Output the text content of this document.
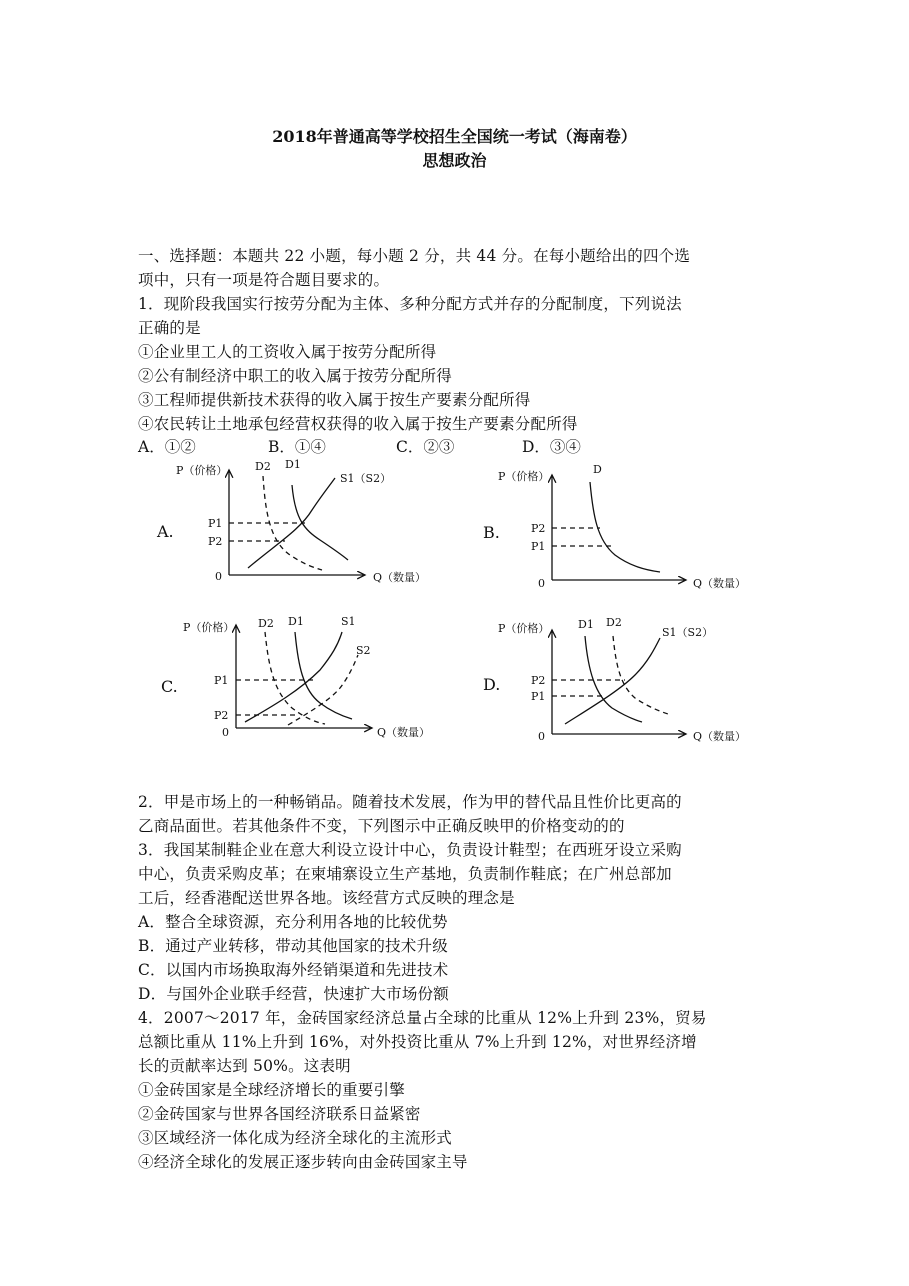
2018年普通高等学校招生全国统一考试（海南卷）
思想政治
一、选择题：本题共 22 小题，每小题 2 分，共 44 分。在每小题给出的四个选
项中，只有一项是符合题目要求的。
1．现阶段我国实行按劳分配为主体、多种分配方式并存的分配制度，下列说法
正确的是
①企业里工人的工资收入属于按劳分配所得
②公有制经济中职工的收入属于按劳分配所得
③工程师提供新技术获得的收入属于按生产要素分配所得
④农民转让土地承包经营权获得的收入属于按生产要素分配所得
A．①②	B．①④	C．②③	D．③④
P（价格）
Q（数量）
0
A.
D2 D1
S1（S2）
P1
P2
P（价格）
Q（数量）
0
B.
D
P2
P1
P（价格）
Q（数量）
0
C.
D2 D1	S1
S2
P1
P2
P（价格）
Q（数量）
0
D.
D1 D2
S1（S2）
P2
P1
2．甲是市场上的一种畅销品。随着技术发展，作为甲的替代品且性价比更高的
乙商品面世。若其他条件不变，下列图示中正确反映甲的价格变动的的
3．我国某制鞋企业在意大利设立设计中心，负责设计鞋型；在西班牙设立采购
中心，负责采购皮革；在柬埔寨设立生产基地，负责制作鞋底；在广州总部加
工后，经香港配送世界各地。该经营方式反映的理念是
A．整合全球资源，充分利用各地的比较优势
B．通过产业转移，带动其他国家的技术升级
C．以国内市场换取海外经销渠道和先进技术
D．与国外企业联手经营，快速扩大市场份额
4．2007～2017 年，金砖国家经济总量占全球的比重从 12%上升到 23%，贸易
总额比重从 11%上升到 16%，对外投资比重从 7%上升到 12%，对世界经济增
长的贡献率达到 50%。这表明
①金砖国家是全球经济增长的重要引擎
②金砖国家与世界各国经济联系日益紧密
③区域经济一体化成为经济全球化的主流形式
④经济全球化的发展正逐步转向由金砖国家主导
